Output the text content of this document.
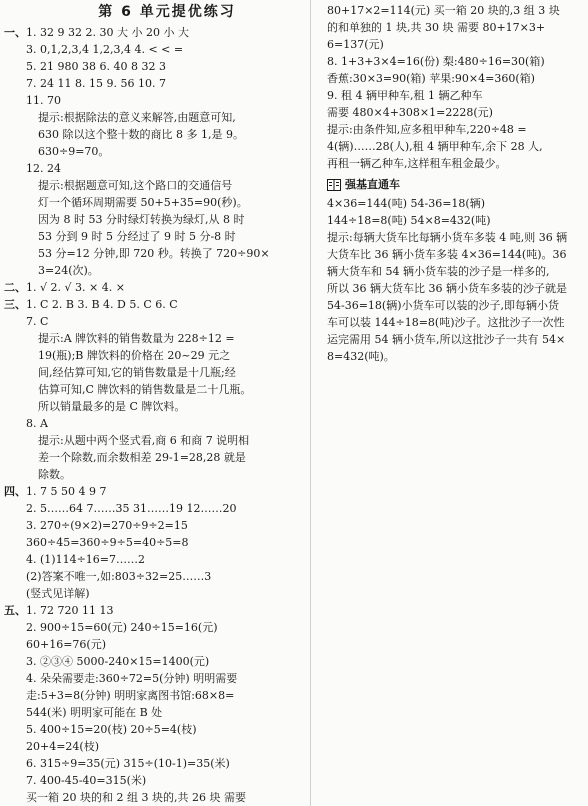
第 6 单元提优练习
一、1. 32 9 32 2. 30 大 小 20 小 大
3. 0,1,2,3,4 1,2,3,4 4. < < =
5. 21 980 38 6. 40 8 32 3
7. 24 11 8. 15 9. 56 10. 7
11. 70
提示:根据除法的意义来解答,由题意可知,
630 除以这个整十数的商比 8 多 1,是 9。
630÷9=70。
12. 24
提示:根据题意可知,这个路口的交通信号
灯一个循环周期需要 50+5+35=90(秒)。
因为 8 时 53 分时绿灯转换为绿灯,从 8 时
53 分到 9 时 5 分经过了 9 时 5 分-8 时
53 分=12 分钟,即 720 秒。转换了 720÷90×
3=24(次)。
二、1. √ 2. √ 3. × 4. ×
三、1. C 2. B 3. B 4. D 5. C 6. C
7. C
提示:A 牌饮料的销售数量为 228÷12 =
19(瓶);B 牌饮料的价格在 20~29 元之
间,经估算可知,它的销售数量是十几瓶;经
估算可知,C 牌饮料的销售数量是二十几瓶。
所以销量最多的是 C 牌饮料。
8. A
提示:从题中两个竖式看,商 6 和商 7 说明相
差一个除数,而余数相差 29-1=28,28 就是
除数。
四、1. 7 5 50 4 9 7
2. 5……64 7……35 31……19 12……20
3. 270÷(9×2)=270÷9÷2=15
360÷45=360÷9÷5=40÷5=8
4. (1)114÷16=7……2
(2)答案不唯一,如:803÷32=25……3
(竖式见详解)
五、1. 72 720 11 13
2. 900÷15=60(元) 240÷15=16(元)
60+16=76(元)
3. ②③④ 5000-240×15=1400(元)
4. 朵朵需要走:360÷72=5(分钟) 明明需要
走:5+3=8(分钟) 明明家离图书馆:68×8=
544(米) 明明家可能在 B 处
5. 400÷15=20(枝) 20÷5=4(枝)
20+4=24(枝)
6. 315÷9=35(元) 315÷(10-1)=35(米)
7. 400-45-40=315(米)
买一箱 20 块的和 2 组 3 块的,共 26 块 需要
80+17×2=114(元) 买一箱 20 块的,3 组 3 块
的和单独的 1 块,共 30 块 需要 80+17×3+
6=137(元)
8. 1+3+3×4=16(份) 梨:480÷16=30(箱)
香蕉:30×3=90(箱) 苹果:90×4=360(箱)
9. 租 4 辆甲种车,租 1 辆乙种车
需要 480×4+308×1=2228(元)
提示:由条件知,应多租甲种车,220÷48 =
4(辆)……28(人),租 4 辆甲种车,余下 28 人,
再租一辆乙种车,这样租车租金最少。
强基直通车
4×36=144(吨) 54-36=18(辆)
144÷18=8(吨) 54×8=432(吨)
提示:每辆大货车比每辆小货车多装 4 吨,则 36 辆
大货车比 36 辆小货车多装 4×36=144(吨)。36
辆大货车和 54 辆小货车装的沙子是一样多的,
所以 36 辆大货车比 36 辆小货车多装的沙子就是
54-36=18(辆)小货车可以装的沙子,即每辆小货
车可以装 144÷18=8(吨)沙子。这批沙子一次性
运完需用 54 辆小货车,所以这批沙子一共有 54×
8=432(吨)。
